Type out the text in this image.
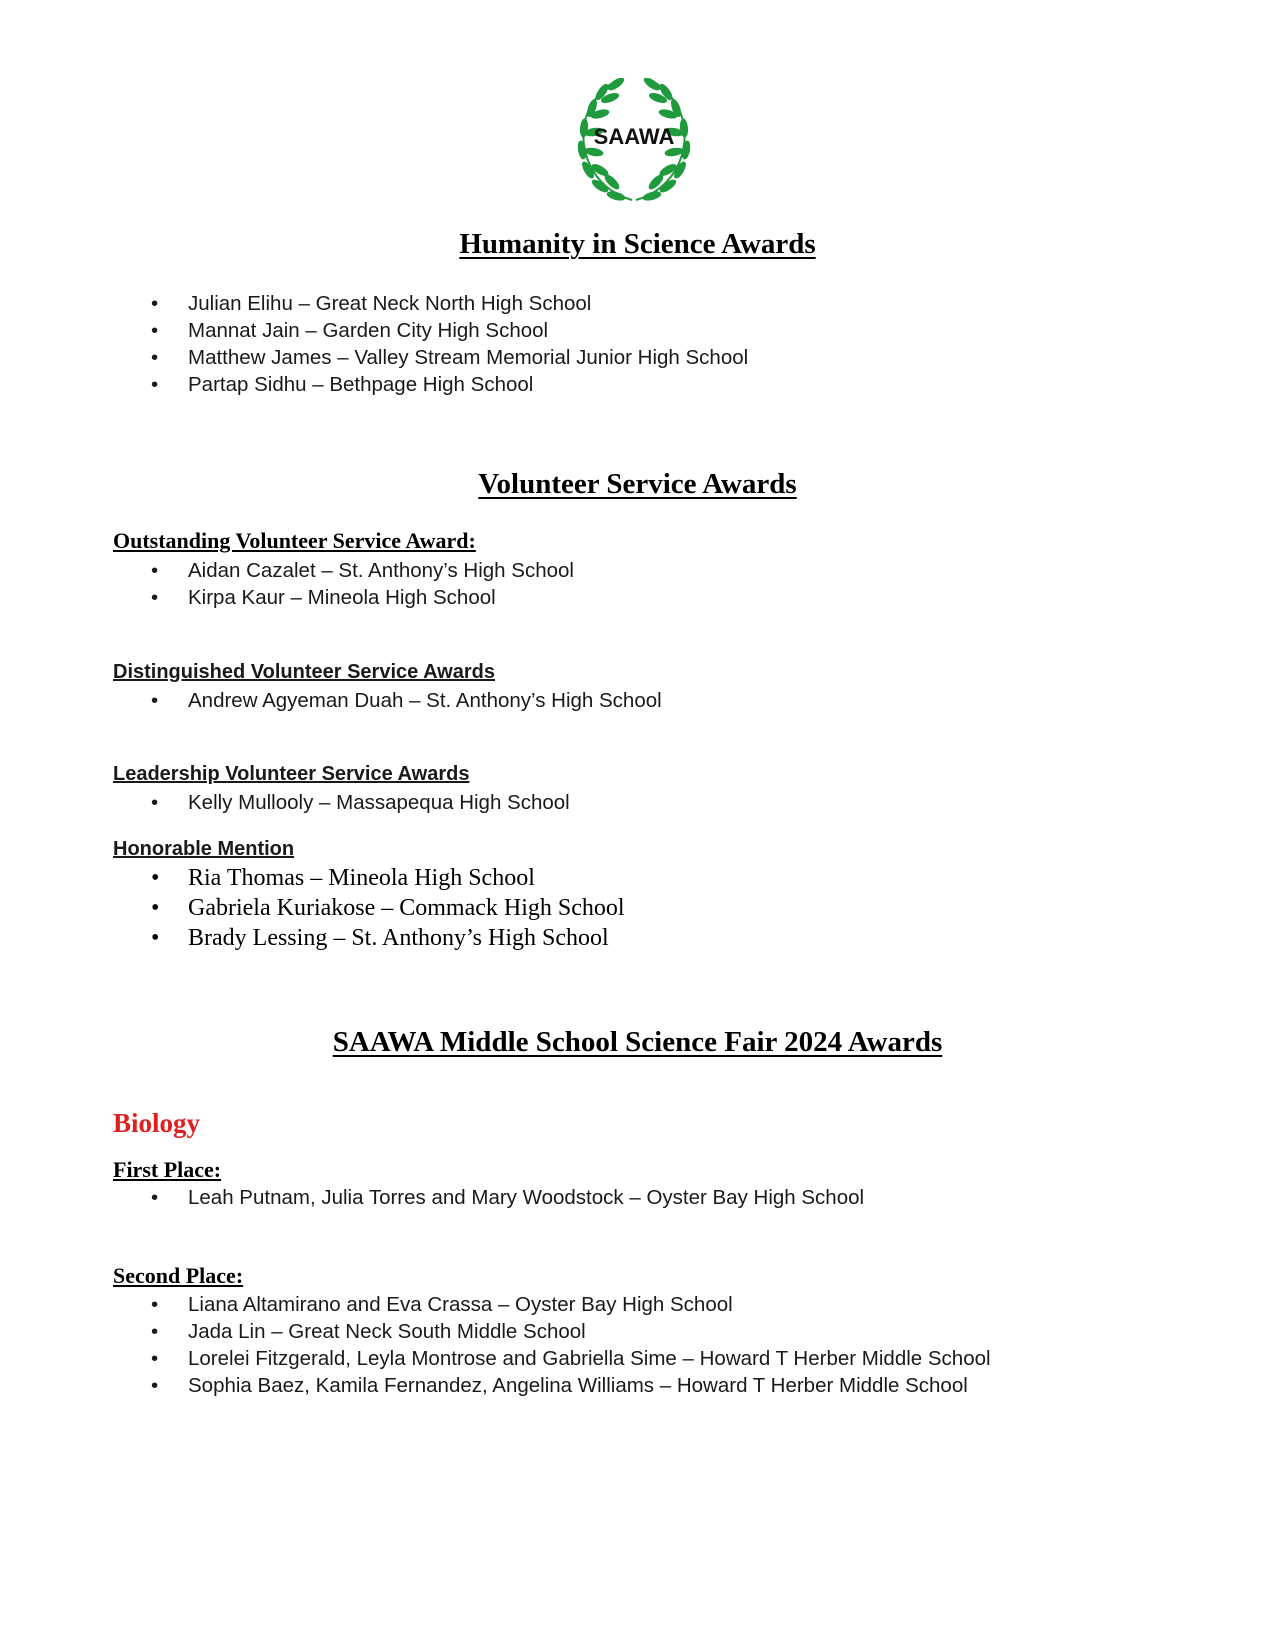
SAAWA
Humanity in Science Awards
• Julian Elihu – Great Neck North High School
• Mannat Jain – Garden City High School
• Matthew James – Valley Stream Memorial Junior High School
• Partap Sidhu – Bethpage High School
Volunteer Service Awards
Outstanding Volunteer Service Award:
• Aidan Cazalet – St. Anthony’s High School
• Kirpa Kaur – Mineola High School
Distinguished Volunteer Service Awards
• Andrew Agyeman Duah – St. Anthony’s High School
Leadership Volunteer Service Awards
• Kelly Mullooly – Massapequa High School
Honorable Mention
• Ria Thomas – Mineola High School
• Gabriela Kuriakose – Commack High School
• Brady Lessing – St. Anthony’s High School
SAAWA Middle School Science Fair 2024 Awards
Biology
First Place:
• Leah Putnam, Julia Torres and Mary Woodstock – Oyster Bay High School
Second Place:
• Liana Altamirano and Eva Crassa – Oyster Bay High School
• Jada Lin – Great Neck South Middle School
• Lorelei Fitzgerald, Leyla Montrose and Gabriella Sime – Howard T Herber Middle School
• Sophia Baez, Kamila Fernandez, Angelina Williams – Howard T Herber Middle School
